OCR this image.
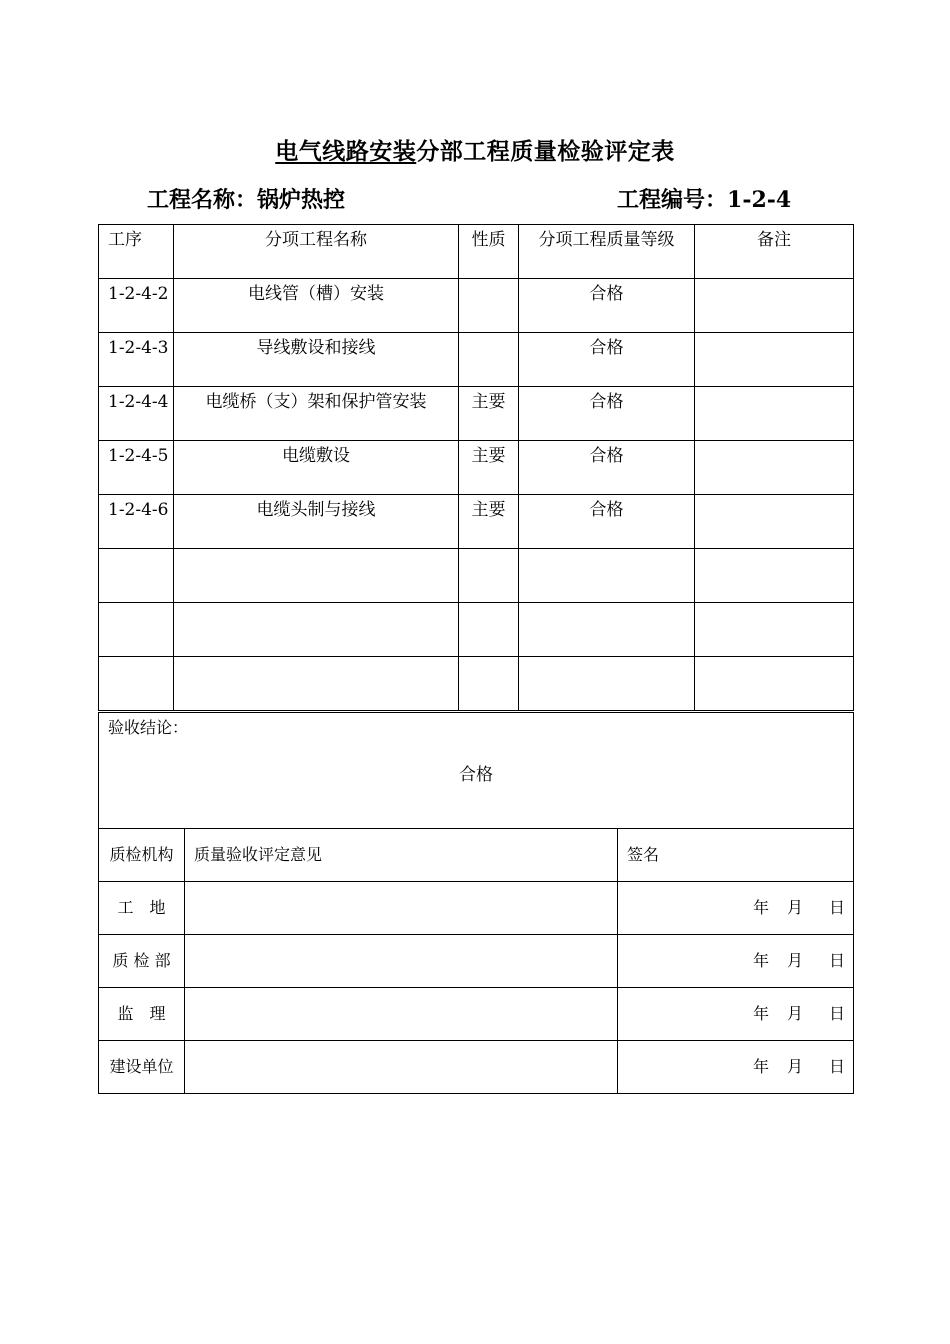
电气线路安装分部工程质量检验评定表
工程名称：锅炉热控	工程编号：1-2-4
工序	分项工程名称	性质	分项工程质量等级	备注

1-2-4-2	电线管（槽）安装		合格	

1-2-4-3	导线敷设和接线		合格	

1-2-4-4	电缆桥（支）架和保护管安装	主要	合格	

1-2-4-5	电缆敷设	主要	合格	

1-2-4-6	电缆头制与接线	主要	合格	

验收结论：
合格		

质检机构	质量验收评定意见	签名
工　地		年 月 日
质 检 部		年 月 日
监　理		年 月 日
建设单位		年 月 日
